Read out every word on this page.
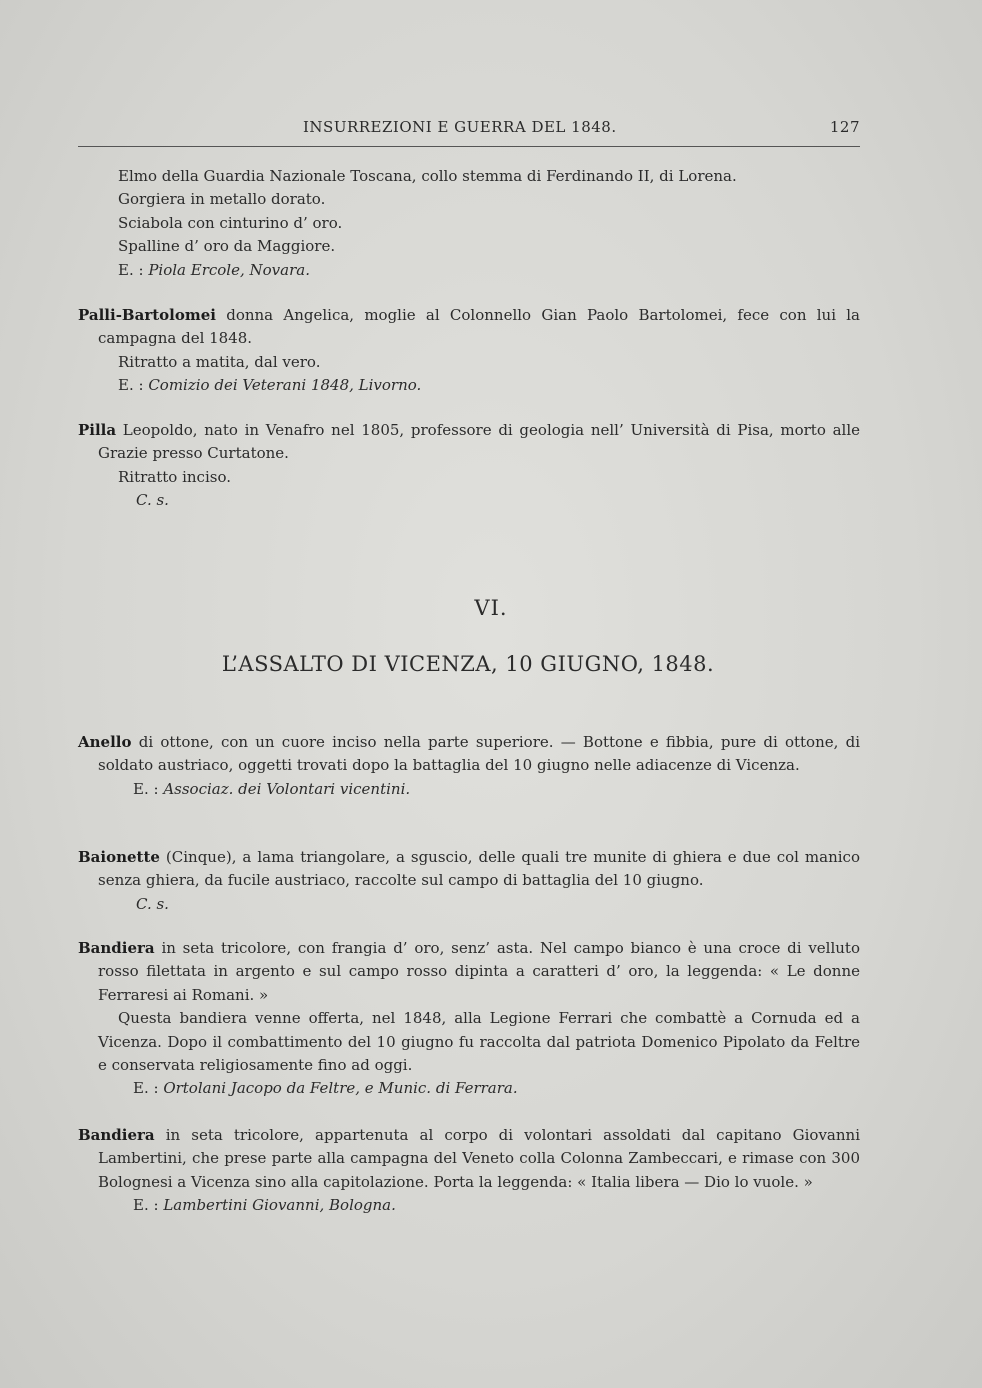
INSURREZIONI E GUERRA DEL 1848.	127

Elmo della Guardia Nazionale Toscana, collo stemma di Ferdinando II, di Lorena.

Gorgiera in metallo dorato.

Sciabola con cinturino d’ oro.

Spalline d’ oro da Maggiore.

E. : Piola Ercole, Novara.

Palli-Bartolomei donna Angelica, moglie al Colonnello Gian Paolo Bartolomei, fece con lui la campagna del 1848.

Ritratto a matita, dal vero.

E. : Comizio dei Veterani 1848, Livorno.

Pilla Leopoldo, nato in Venafro nel 1805, professore di geologia nell’ Università di Pisa, morto alle Grazie presso Curtatone.

Ritratto inciso.

C. s.

VI.
L’ASSALTO DI VICENZA, 10 GIUGNO, 1848.

Anello di ottone, con un cuore inciso nella parte superiore. — Bottone e fibbia, pure di ottone, di soldato austriaco, oggetti trovati dopo la battaglia del 10 giugno nelle adiacenze di Vicenza.

E. : Associaz. dei Volontari vicentini.

Baionette (Cinque), a lama triangolare, a sguscio, delle quali tre munite di ghiera e due col manico senza ghiera, da fucile austriaco, raccolte sul campo di battaglia del 10 giugno.

C. s.

Bandiera in seta tricolore, con frangia d’ oro, senz’ asta. Nel campo bianco è una croce di velluto rosso filettata in argento e sul campo rosso dipinta a caratteri d’ oro, la leggenda: « Le donne Ferraresi ai Romani. »

Questa bandiera venne offerta, nel 1848, alla Legione Ferrari che combattè a Cornuda ed a Vicenza. Dopo il combattimento del 10 giugno fu raccolta dal patriota Domenico Pipolato da Feltre e conservata religiosamente fino ad oggi.

E. : Ortolani Jacopo da Feltre, e Munic. di Ferrara.

Bandiera in seta tricolore, appartenuta al corpo di volontari assoldati dal capitano Giovanni Lambertini, che prese parte alla campagna del Veneto colla Colonna Zambeccari, e rimase con 300 Bolognesi a Vicenza sino alla capitolazione. Porta la leggenda: « Italia libera — Dio lo vuole. »

E. : Lambertini Giovanni, Bologna.
